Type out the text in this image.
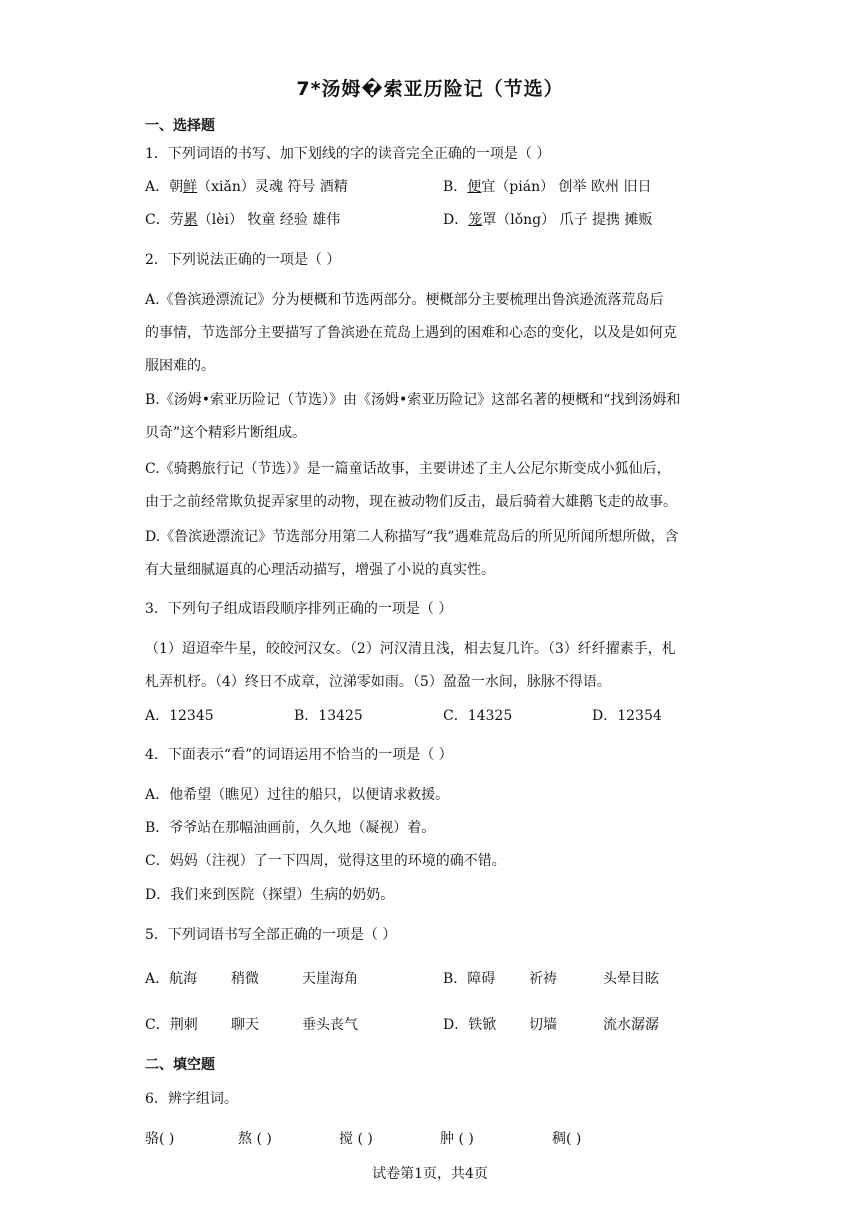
7*汤姆�索亚历险记（节选）
一、选择题
1．下列词语的书写、加下划线的字的读音完全正确的一项是（ ）
A．朝鲜（xiǎn）灵魂 符号 酒精	B．便宜（pián） 创举 欧州 旧日
C．劳累（lèi） 牧童 经验 雄伟	D．笼罩（lǒng） 爪子 提携 摊贩
2．下列说法正确的一项是（ ）
A.《鲁滨逊漂流记》分为梗概和节选两部分。梗概部分主要梳理出鲁滨逊流落荒岛后
的事情，节选部分主要描写了鲁滨逊在荒岛上遇到的困难和心态的变化，以及是如何克
服困难的。
B.《汤姆•索亚历险记（节选）》由《汤姆•索亚历险记》这部名著的梗概和“找到汤姆和
贝奇”这个精彩片断组成。
C.《骑鹅旅行记（节选）》是一篇童话故事，主要讲述了主人公尼尔斯变成小狐仙后，
由于之前经常欺负捉弄家里的动物，现在被动物们反击，最后骑着大雄鹅飞走的故事。
D.《鲁滨逊漂流记》节选部分用第二人称描写“我”遇难荒岛后的所见所闻所想所做，含
有大量细腻逼真的心理活动描写，增强了小说的真实性。
3．下列句子组成语段顺序排列正确的一项是（ ）
（1）迢迢牵牛星，皎皎河汉女。（2）河汉清且浅，相去复几许。（3）纤纤擢素手，札
札弄机杼。（4）终日不成章，泣涕零如雨。（5）盈盈一水间，脉脉不得语。
A．12345	B．13425	C．14325	D．12354
4．下面表示“看”的词语运用不恰当的一项是（ ）
A．他希望（瞧见）过往的船只，以便请求救援。
B．爷爷站在那幅油画前，久久地（凝视）着。
C．妈妈（注视）了一下四周，觉得这里的环境的确不错。
D．我们来到医院（探望）生病的奶奶。
5．下列词语书写全部正确的一项是（ ）
A．航海 稍微	天崖海角	B．障碍 祈祷	头晕目眩
C．荆刺 聊天	垂头丧气	D．铁锨 切墙	流水潺潺
二、填空题
6．辨字组词。
骆( )	熬 ( )	搅 ( )	肿 ( )	稠( )
试卷第1页，共4页
